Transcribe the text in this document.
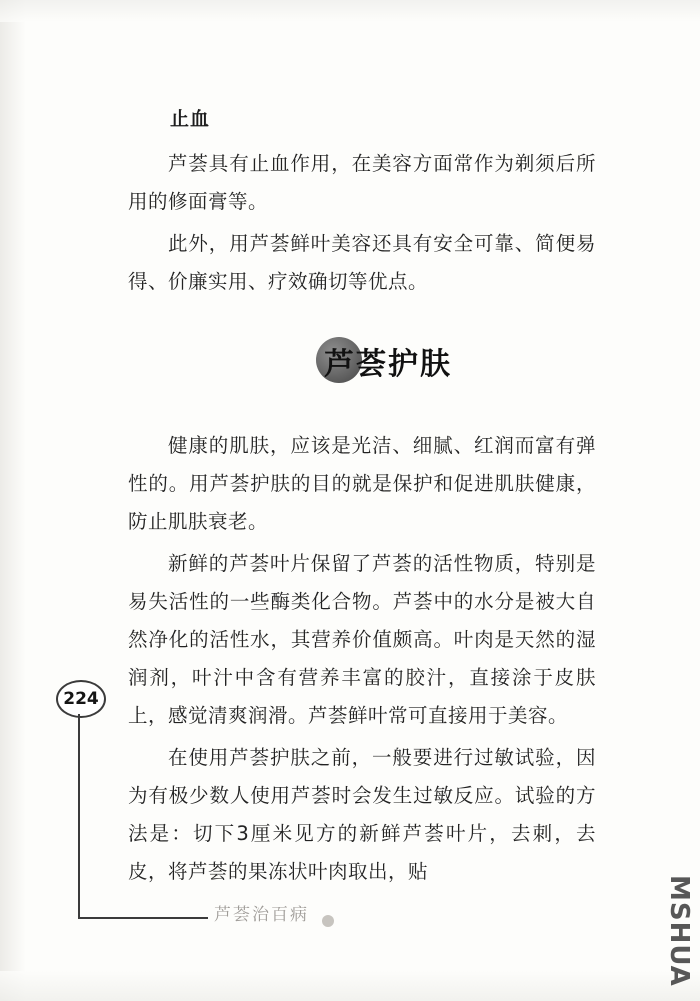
止血

芦荟具有止血作用，在美容方面常作为剃须后所用的修面膏等。

此外，用芦荟鲜叶美容还具有安全可靠、简便易得、价廉实用、疗效确切等优点。

芦荟护肤

健康的肌肤，应该是光洁、细腻、红润而富有弹性的。用芦荟护肤的目的就是保护和促进肌肤健康，防止肌肤衰老。

新鲜的芦荟叶片保留了芦荟的活性物质，特别是易失活性的一些酶类化合物。芦荟中的水分是被大自然净化的活性水，其营养价值颇高。叶肉是天然的湿润剂，叶汁中含有营养丰富的胶汁，直接涂于皮肤上，感觉清爽润滑。芦荟鲜叶常可直接用于美容。

在使用芦荟护肤之前，一般要进行过敏试验，因为有极少数人使用芦荟时会发生过敏反应。试验的方法是：切下3厘米见方的新鲜芦荟叶片，去刺，去皮，将芦荟的果冻状叶肉取出，贴

224
芦荟治百病	MSHUA
